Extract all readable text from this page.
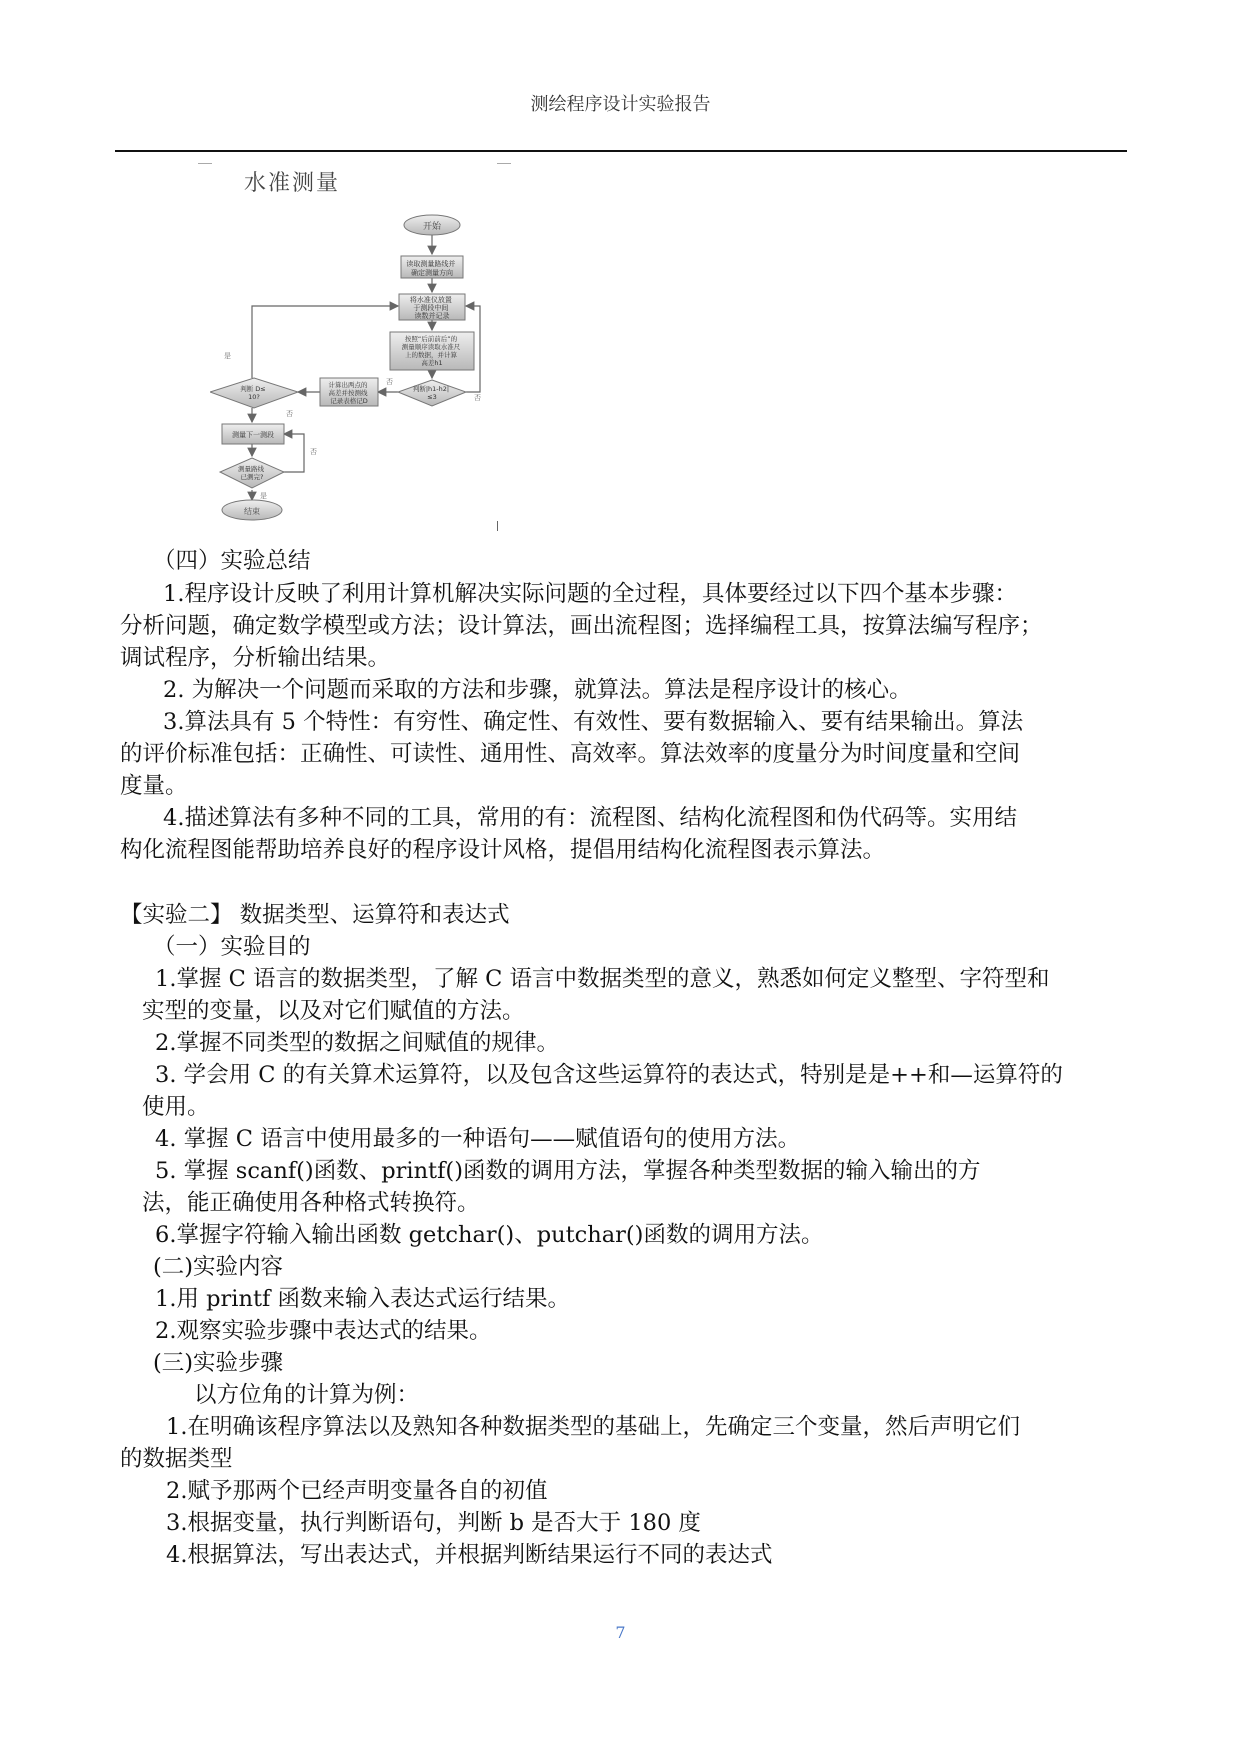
测绘程序设计实验报告
水准测量
开始
读取测量路线并 确定测量方向
将水准仪放置 于测段中间 读数并记录
按照“后前前后”的 测量顺序读取水准尺 上的数据，并计算 高差h1
判断|h1-h2| ≤3
计算出两点的 高差并按测线 记录表格记D
判断 D≤ 10?
测量下一测段
测量路线 已测完?
结束
是
否
否
否
是
否
（四）实验总结
1.程序设计反映了利用计算机解决实际问题的全过程，具体要经过以下四个基本步骤：
分析问题，确定数学模型或方法；设计算法，画出流程图；选择编程工具，按算法编写程序；
调试程序，分析输出结果。
2. 为解决一个问题而采取的方法和步骤，就算法。算法是程序设计的核心。
3.算法具有 5 个特性：有穷性、确定性、有效性、要有数据输入、要有结果输出。算法
的评价标准包括：正确性、可读性、通用性、高效率。算法效率的度量分为时间度量和空间
度量。
4.描述算法有多种不同的工具，常用的有：流程图、结构化流程图和伪代码等。实用结
构化流程图能帮助培养良好的程序设计风格，提倡用结构化流程图表示算法。
【实验二】 数据类型、运算符和表达式
（一）实验目的
1.掌握 C 语言的数据类型，了解 C 语言中数据类型的意义，熟悉如何定义整型、字符型和
实型的变量，以及对它们赋值的方法。
2.掌握不同类型的数据之间赋值的规律。
3. 学会用 C 的有关算术运算符，以及包含这些运算符的表达式，特别是是++和—运算符的
使用。
4. 掌握 C 语言中使用最多的一种语句——赋值语句的使用方法。
5. 掌握 scanf()函数、printf()函数的调用方法，掌握各种类型数据的输入输出的方
法，能正确使用各种格式转换符。
6.掌握字符输入输出函数 getchar()、putchar()函数的调用方法。
(二)实验内容
1.用 printf 函数来输入表达式运行结果。
2.观察实验步骤中表达式的结果。
(三)实验步骤
以方位角的计算为例：
1.在明确该程序算法以及熟知各种数据类型的基础上，先确定三个变量，然后声明它们
的数据类型
2.赋予那两个已经声明变量各自的初值
3.根据变量，执行判断语句，判断 b 是否大于 180 度
4.根据算法，写出表达式，并根据判断结果运行不同的表达式
7
